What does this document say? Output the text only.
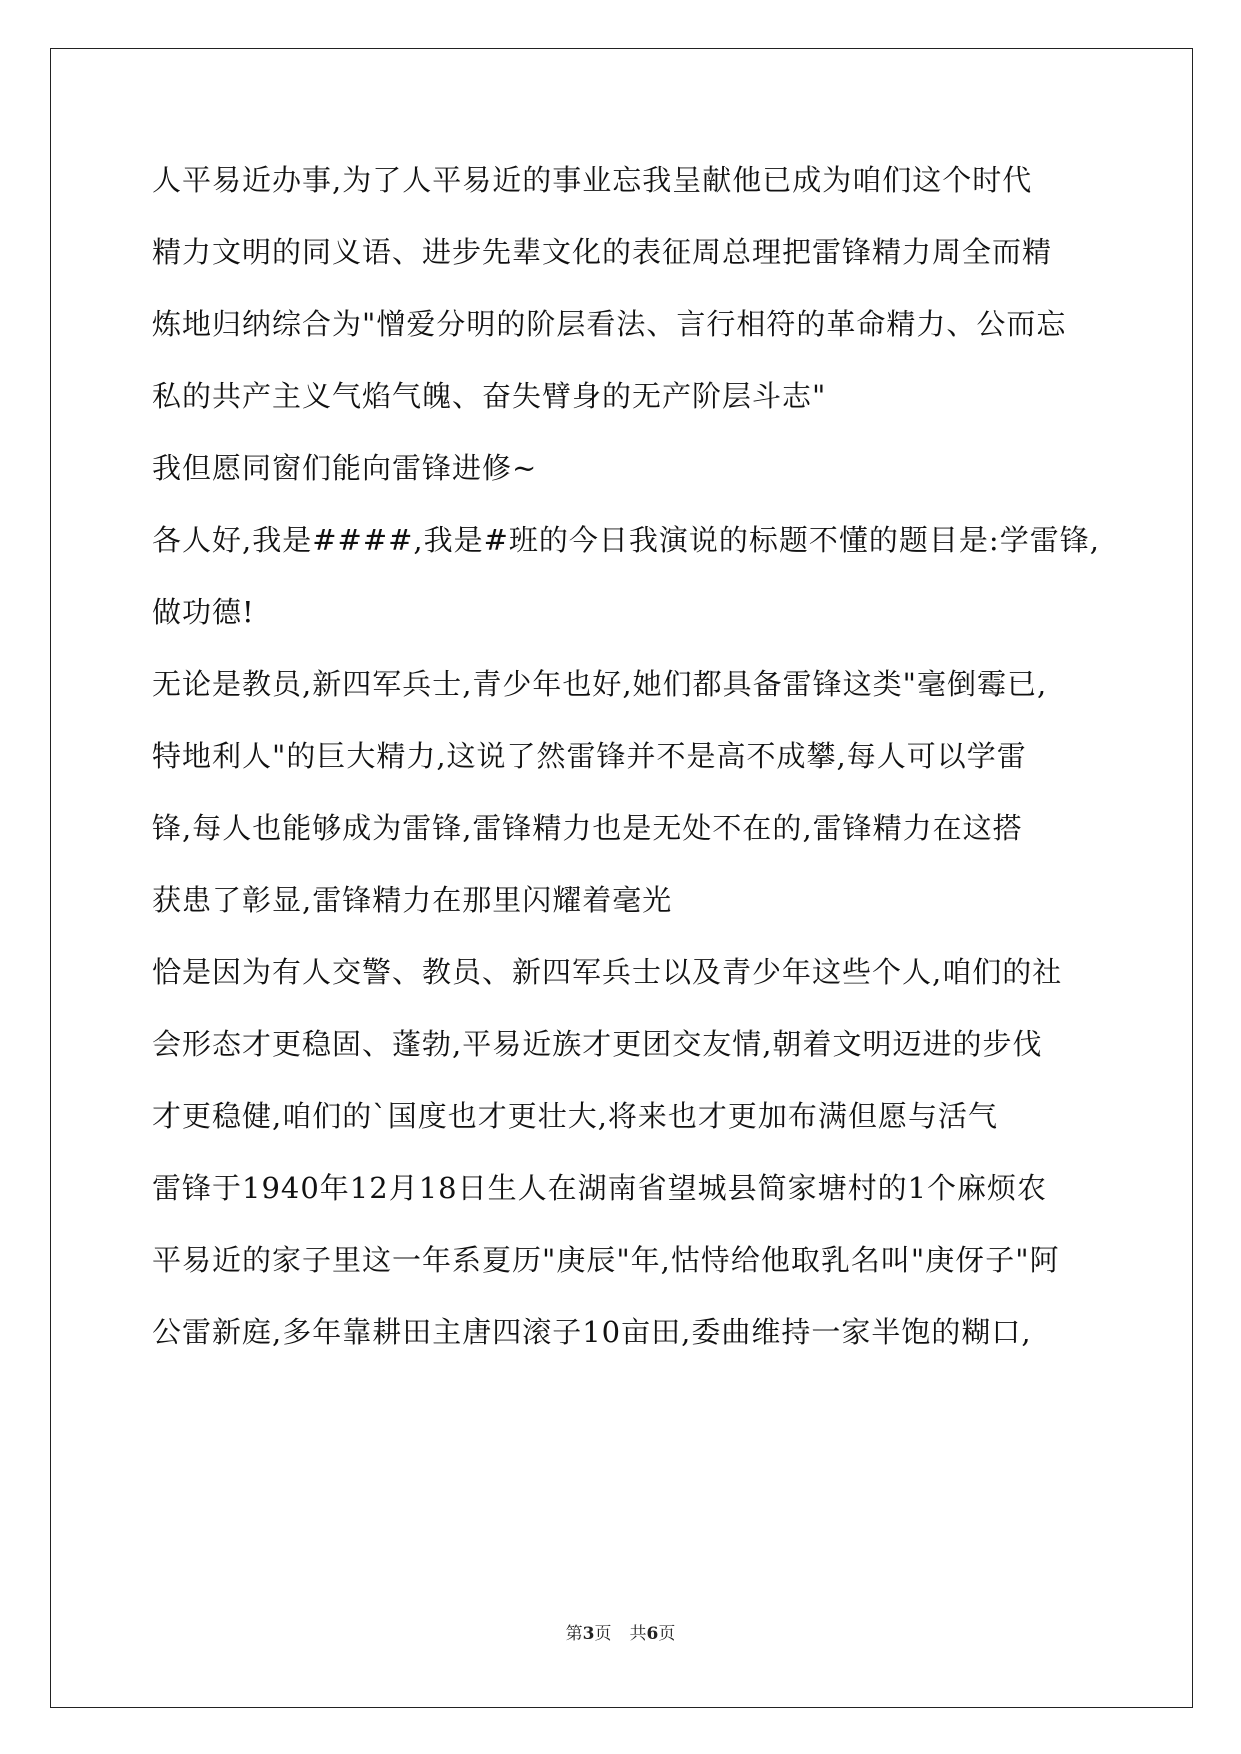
人平易近办事,为了人平易近的事业忘我呈献他已成为咱们这个时代
精力文明的同义语、进步先辈文化的表征周总理把雷锋精力周全而精
炼地归纳综合为"憎爱分明的阶层看法、言行相符的革命精力、公而忘
私的共产主义气焰气魄、奋失臂身的无产阶层斗志"
我但愿同窗们能向雷锋进修~
各人好,我是####,我是#班的今日我演说的标题不懂的题目是:学雷锋,
做功德!
无论是教员,新四军兵士,青少年也好,她们都具备雷锋这类"毫倒霉已,
特地利人"的巨大精力,这说了然雷锋并不是高不成攀,每人可以学雷
锋,每人也能够成为雷锋,雷锋精力也是无处不在的,雷锋精力在这搭
获患了彰显,雷锋精力在那里闪耀着毫光
恰是因为有人交警、教员、新四军兵士以及青少年这些个人,咱们的社
会形态才更稳固、蓬勃,平易近族才更团交友情,朝着文明迈进的步伐
才更稳健,咱们的`国度也才更壮大,将来也才更加布满但愿与活气
雷锋于1940年12月18日生人在湖南省望城县简家塘村的1个麻烦农
平易近的家子里这一年系夏历"庚辰"年,怙恃给他取乳名叫"庚伢子"阿
公雷新庭,多年靠耕田主唐四滚子10亩田,委曲维持一家半饱的糊口,
第3页 共6页
